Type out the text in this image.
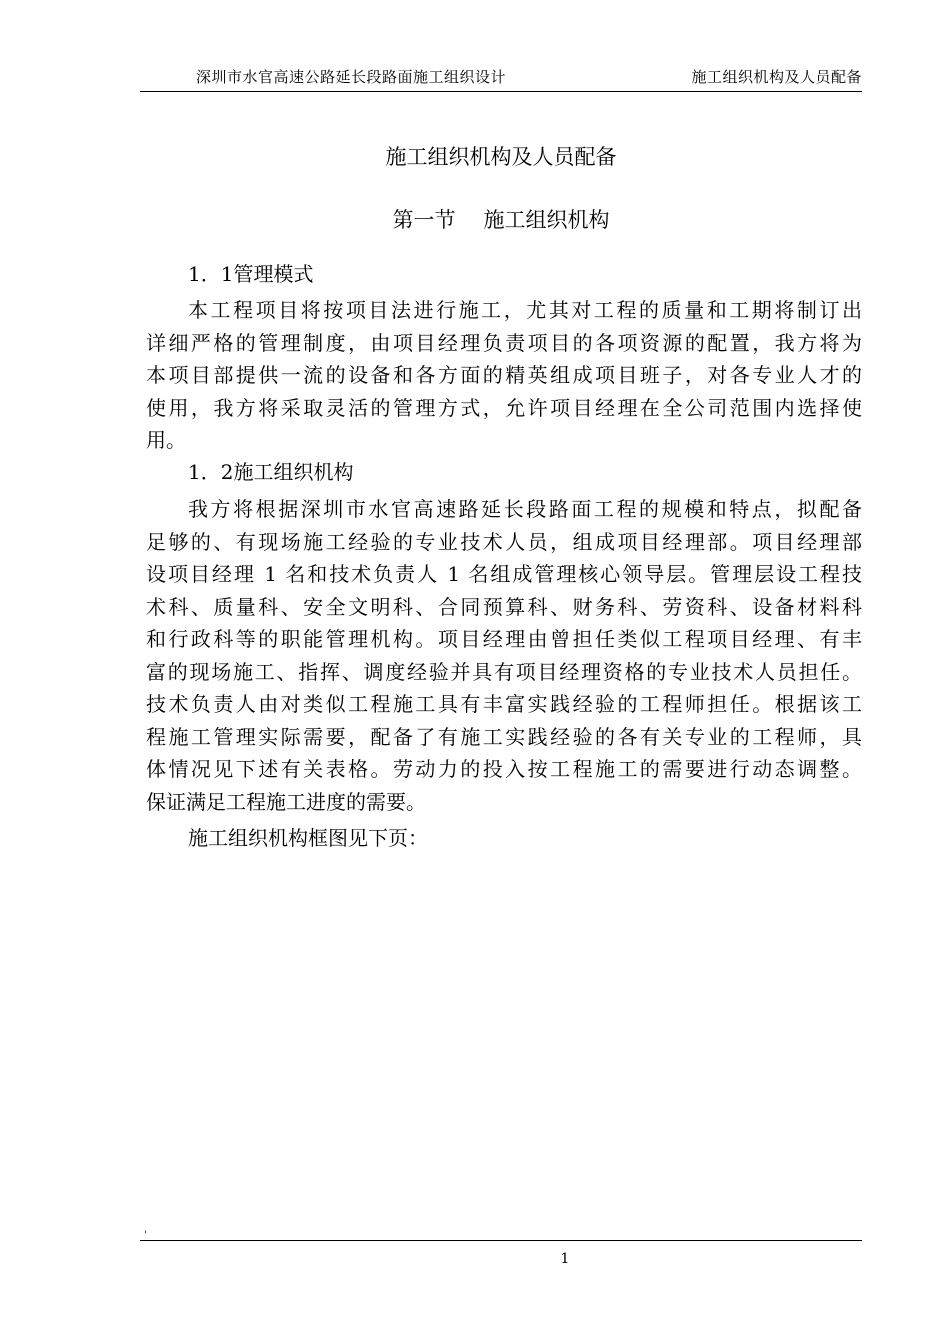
深圳市水官高速公路延长段路面施工组织设计	施工组织机构及人员配备
施工组织机构及人员配备
第一节 施工组织机构
1．1管理模式
本工程项目将按项目法进行施工，尤其对工程的质量和工期将制订出
详细严格的管理制度，由项目经理负责项目的各项资源的配置，我方将为
本项目部提供一流的设备和各方面的精英组成项目班子，对各专业人才的
使用，我方将采取灵活的管理方式，允许项目经理在全公司范围内选择使
用。
1．2施工组织机构
我方将根据深圳市水官高速路延长段路面工程的规模和特点，拟配备
足够的、有现场施工经验的专业技术人员，组成项目经理部。项目经理部
设项目经理 1 名和技术负责人 1 名组成管理核心领导层。管理层设工程技
术科、质量科、安全文明科、合同预算科、财务科、劳资科、设备材料科
和行政科等的职能管理机构。项目经理由曾担任类似工程项目经理、有丰
富的现场施工、指挥、调度经验并具有项目经理资格的专业技术人员担任。
技术负责人由对类似工程施工具有丰富实践经验的工程师担任。根据该工
程施工管理实际需要，配备了有施工实践经验的各有关专业的工程师，具
体情况见下述有关表格。劳动力的投入按工程施工的需要进行动态调整。
保证满足工程施工进度的需要。
施工组织机构框图见下页：
'
1
